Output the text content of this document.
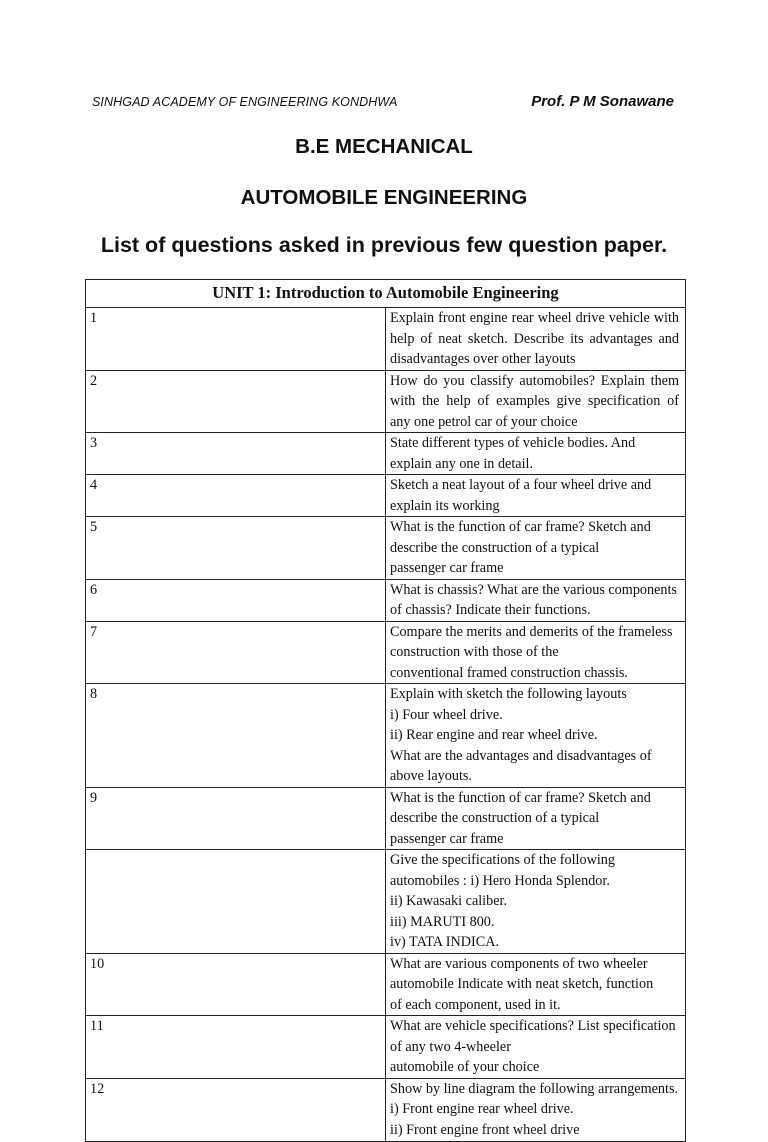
SINHGAD ACADEMY OF ENGINEERING KONDHWA	Prof. P M Sonawane
B.E MECHANICAL
AUTOMOBILE ENGINEERING
List of questions asked in previous few question paper.
UNIT 1: Introduction to Automobile Engineering	
1	Explain front engine rear wheel drive vehicle with help of neat sketch. Describe its advantages and disadvantages over other layouts
2	How do you classify automobiles? Explain them with the help of examples give specification of any one petrol car of your choice
3	State different types of vehicle bodies. And explain any one in detail.

4	Sketch a neat layout of a four wheel drive and explain its working

5	What is the function of car frame? Sketch and describe the construction of a typical
passenger car frame

6	What is chassis? What are the various components of chassis? Indicate their functions.

7	Compare the merits and demerits of the frameless construction with those of the
conventional framed construction chassis.

8	Explain with sketch the following layouts
i) Four wheel drive.
ii) Rear engine and rear wheel drive.
What are the advantages and disadvantages of above layouts.

9	What is the function of car frame? Sketch and describe the construction of a typical
passenger car frame

	Give the specifications of the following automobiles : i) Hero Honda Splendor.
ii) Kawasaki caliber.
iii) MARUTI 800.
iv) TATA INDICA.

10	What are various components of two wheeler automobile Indicate with neat sketch, function
of each component, used in it.

11	What are vehicle specifications? List specification of any two 4-wheeler
automobile of your choice

12	Show by line diagram the following arrangements.
i) Front engine rear wheel drive.
ii) Front engine front wheel drive
